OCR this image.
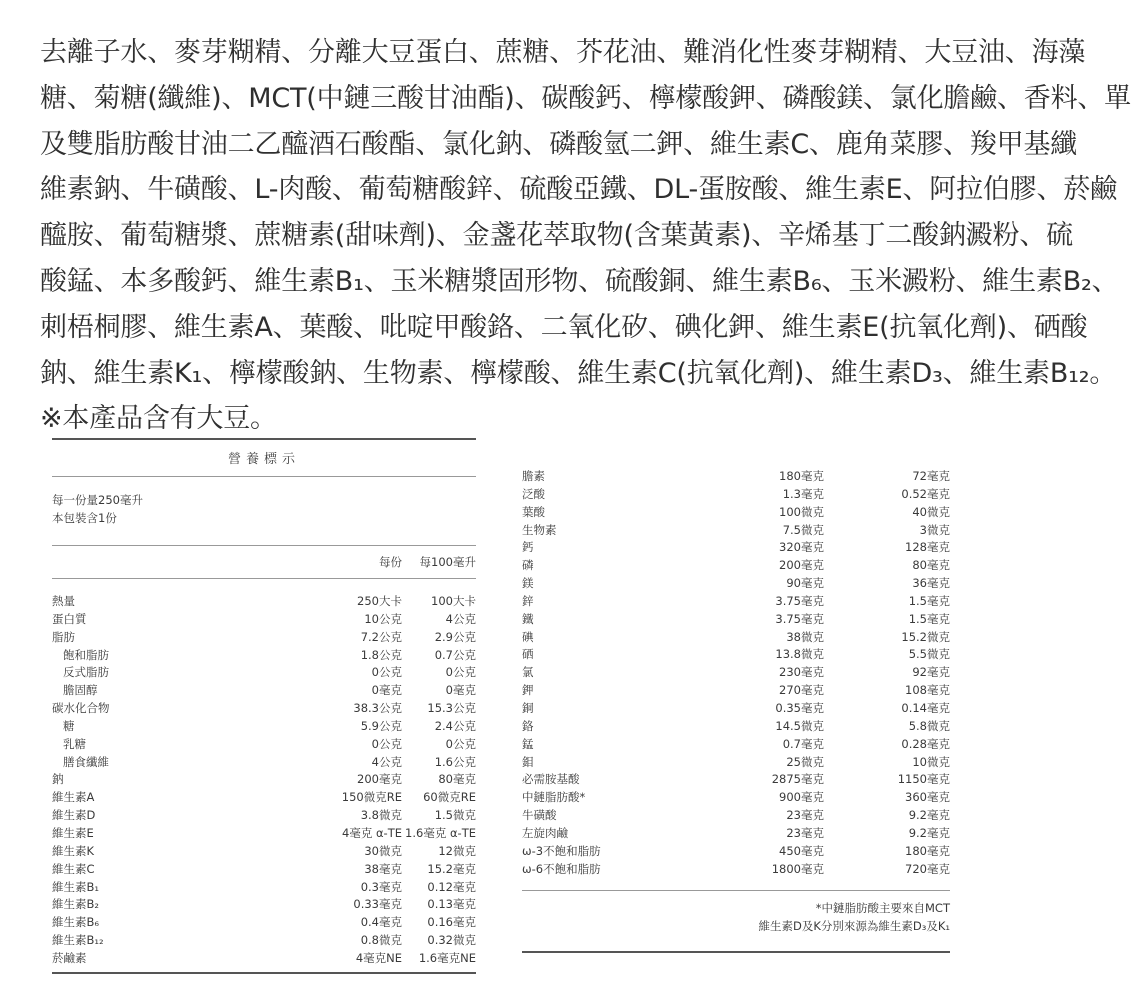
去離子水、麥芽糊精、分離大豆蛋白、蔗糖、芥花油、難消化性麥芽糊精、大豆油、海藻
糖、菊糖(纖維)、MCT(中鏈三酸甘油酯)、碳酸鈣、檸檬酸鉀、磷酸鎂、氯化膽鹼、香料、單
及雙脂肪酸甘油二乙醯酒石酸酯、氯化鈉、磷酸氫二鉀、維生素C、鹿角菜膠、羧甲基纖
維素鈉、牛磺酸、L-肉酸、葡萄糖酸鋅、硫酸亞鐵、DL-蛋胺酸、維生素E、阿拉伯膠、菸鹼
醯胺、葡萄糖漿、蔗糖素(甜味劑)、金盞花萃取物(含葉黃素)、辛烯基丁二酸鈉澱粉、硫
酸錳、本多酸鈣、維生素B₁、玉米糖漿固形物、硫酸銅、維生素B₆、玉米澱粉、維生素B₂、
刺梧桐膠、維生素A、葉酸、吡啶甲酸鉻、二氧化矽、碘化鉀、維生素E(抗氧化劑)、硒酸
鈉、維生素K₁、檸檬酸鈉、生物素、檸檬酸、維生素C(抗氧化劑)、維生素D₃、維生素B₁₂。
※本產品含有大豆。
營養標示
每一份量250毫升
本包裝含1份
每份	每100毫升
熱量	250大卡	100大卡
蛋白質	10公克	4公克
脂肪	7.2公克	2.9公克
飽和脂肪	1.8公克	0.7公克
反式脂肪	0公克	0公克
膽固醇	0毫克	0毫克
碳水化合物	38.3公克	15.3公克
糖	5.9公克	2.4公克
乳糖	0公克	0公克
膳食纖維	4公克	1.6公克
鈉	200毫克	80毫克
維生素A	150微克RE	60微克RE
維生素D	3.8微克	1.5微克
維生素E	4毫克 α-TE 1.6毫克 α-TE
維生素K	30微克	12微克
維生素C	38毫克	15.2毫克
維生素B₁	0.3毫克	0.12毫克
維生素B₂	0.33毫克	0.13毫克
維生素B₆	0.4毫克	0.16毫克
維生素B₁₂	0.8微克	0.32微克
菸鹼素	4毫克NE	1.6毫克NE
膽素	180毫克	72毫克
泛酸	1.3毫克	0.52毫克
葉酸	100微克	40微克
生物素	7.5微克	3微克
鈣	320毫克	128毫克
磷	200毫克	80毫克
鎂	90毫克	36毫克
鋅	3.75毫克	1.5毫克
鐵	3.75毫克	1.5毫克
碘	38微克	15.2微克
硒	13.8微克	5.5微克
氯	230毫克	92毫克
鉀	270毫克	108毫克
銅	0.35毫克	0.14毫克
鉻	14.5微克	5.8微克
錳	0.7毫克	0.28毫克
鉬	25微克	10微克
必需胺基酸	2875毫克	1150毫克
中鏈脂肪酸*	900毫克	360毫克
牛磺酸	23毫克	9.2毫克
左旋肉鹼	23毫克	9.2毫克
ω-3不飽和脂肪	450毫克	180毫克
ω-6不飽和脂肪	1800毫克	720毫克
*中鏈脂肪酸主要來自MCT
維生素D及K分別來源為維生素D₃及K₁
